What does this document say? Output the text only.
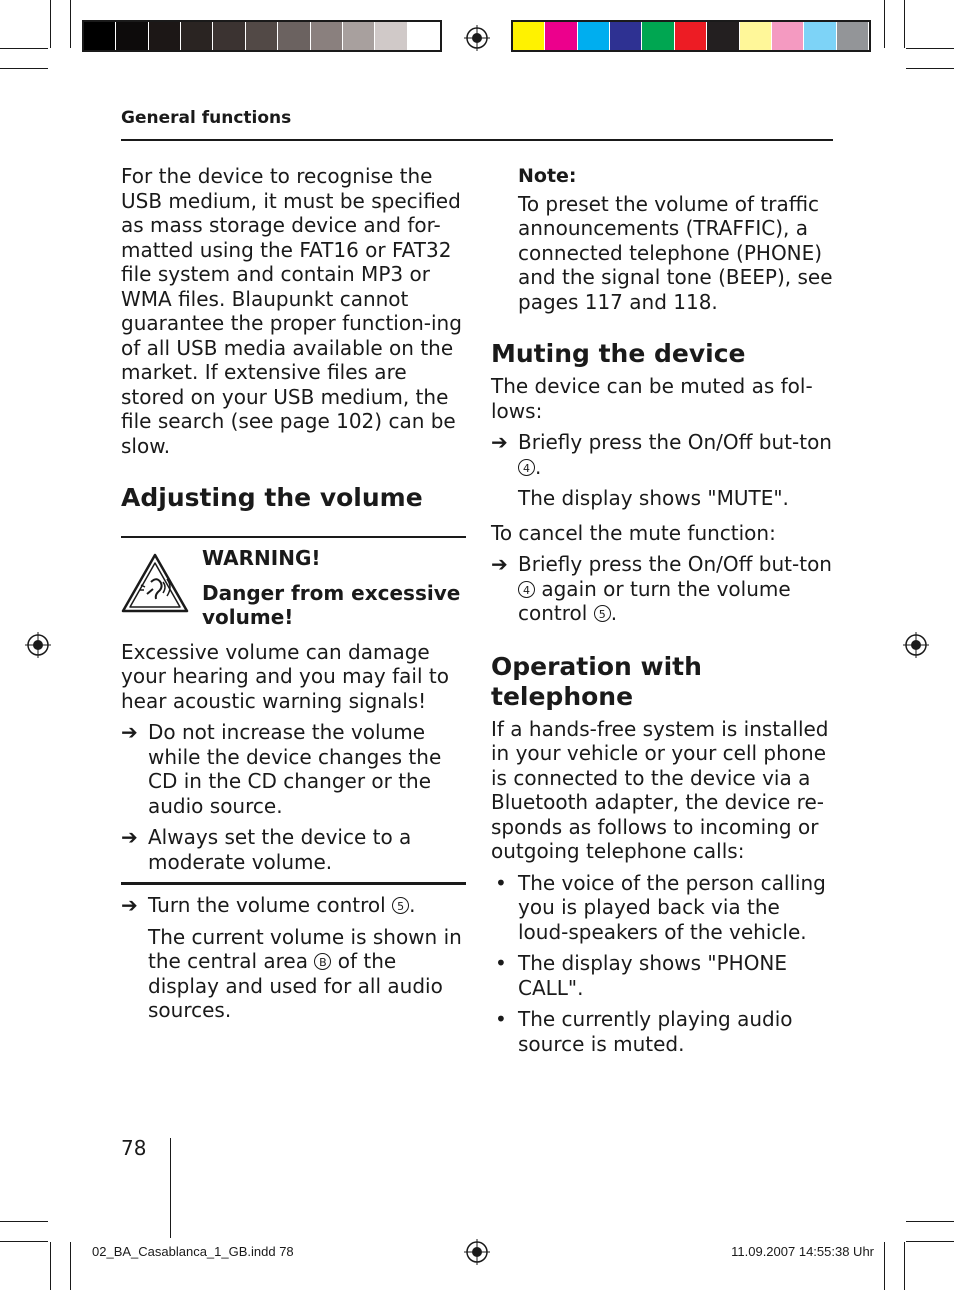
General functions

For the device to recognise the USB medium, it must be specified as mass storage device and for-matted using the FAT16 or FAT32 file system and contain MP3 or WMA files. Blaupunkt cannot guarantee the proper function-ing of all USB media available on the market. If extensive files are stored on your USB medium, the file search (see page 102) can be slow.

Adjusting the volume

WARNING!

Danger from excessive volume!

Excessive volume can damage your hearing and you may fail to hear acoustic warning signals!

➔ Do not increase the volume while the device changes the CD in the CD changer or the audio source.
➔ Always set the device to a moderate volume.
➔ Turn the volume control 5 .
The current volume is shown in the central area B of the display and used for all audio sources.

Note:

To preset the volume of traffic announcements (TRAFFIC), a connected telephone (PHONE) and the signal tone (BEEP), see pages 117 and 118.

Muting the device

The device can be muted as fol-lows:

➔ Briefly press the On/Off but-ton 4 .

The display shows "MUTE".

To cancel the mute function:

➔ Briefly press the On/Off but-ton 4 again or turn the volume control 5 .
Operation with telephone

If a hands-free system is installed in your vehicle or your cell phone is connected to the device via a Bluetooth adapter, the device re-sponds as follows to incoming or outgoing telephone calls:

• The voice of the person calling you is played back via the loud-speakers of the vehicle.
• The display shows "PHONE CALL".
• The currently playing audio source is muted.
78
02_BA_Casablanca_1_GB.indd 78	11.09.2007 14:55:38 Uhr
